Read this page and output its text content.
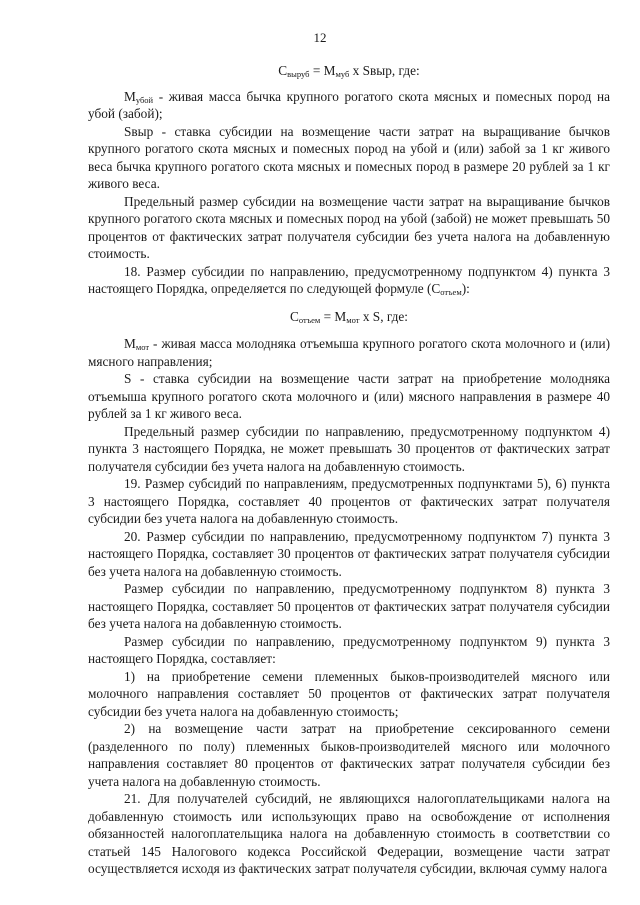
12

$С_{выруб} = М_{муб}$ х Sвыр, где:

$М_{убой}$ - живая масса бычка крупного рогатого скота мясных и помесных пород на убой (забой);

Sвыр - ставка субсидии на возмещение части затрат на выращивание бычков крупного рогатого скота мясных и помесных пород на убой и (или) забой за 1 кг живого веса бычка крупного рогатого скота мясных и помесных пород в размере 20 рублей за 1 кг живого веса.

Предельный размер субсидии на возмещение части затрат на выращивание бычков крупного рогатого скота мясных и помесных пород на убой (забой) не может превышать 50 процентов от фактических затрат получателя субсидии без учета налога на добавленную стоимость.

18. Размер субсидии по направлению, предусмотренному подпунктом 4) пункта 3 настоящего Порядка, определяется по следующей формуле $(С_{отъем})$:

$С_{отъем} = М_{мот}$ х S, где:

$М_{мот}$ - живая масса молодняка отъемыша крупного рогатого скота молочного и (или) мясного направления;

S - ставка субсидии на возмещение части затрат на приобретение молодняка отъемыша крупного рогатого скота молочного и (или) мясного направления в размере 40 рублей за 1 кг живого веса.

Предельный размер субсидии по направлению, предусмотренному подпунктом 4) пункта 3 настоящего Порядка, не может превышать 30 процентов от фактических затрат получателя субсидии без учета налога на добавленную стоимость.

19. Размер субсидий по направлениям, предусмотренных подпунктами 5), 6) пункта 3 настоящего Порядка, составляет 40 процентов от фактических затрат получателя субсидии без учета налога на добавленную стоимость.

20. Размер субсидии по направлению, предусмотренному подпунктом 7) пункта 3 настоящего Порядка, составляет 30 процентов от фактических затрат получателя субсидии без учета налога на добавленную стоимость.

Размер субсидии по направлению, предусмотренному подпунктом 8) пункта 3 настоящего Порядка, составляет 50 процентов от фактических затрат получателя субсидии без учета налога на добавленную стоимость.

Размер субсидии по направлению, предусмотренному подпунктом 9) пункта 3 настоящего Порядка, составляет:

1) на приобретение семени племенных быков-производителей мясного или молочного направления составляет 50 процентов от фактических затрат получателя субсидии без учета налога на добавленную стоимость;

2) на возмещение части затрат на приобретение сексированного семени (разделенного по полу) племенных быков-производителей мясного или молочного направления составляет 80 процентов от фактических затрат получателя субсидии без учета налога на добавленную стоимость.

21. Для получателей субсидий, не являющихся налогоплательщиками налога на добавленную стоимость или использующих право на освобождение от исполнения обязанностей налогоплательщика налога на добавленную стоимость в соответствии со статьей 145 Налогового кодекса Российской Федерации, возмещение части затрат осуществляется исходя из фактических затрат получателя субсидии, включая сумму налога
